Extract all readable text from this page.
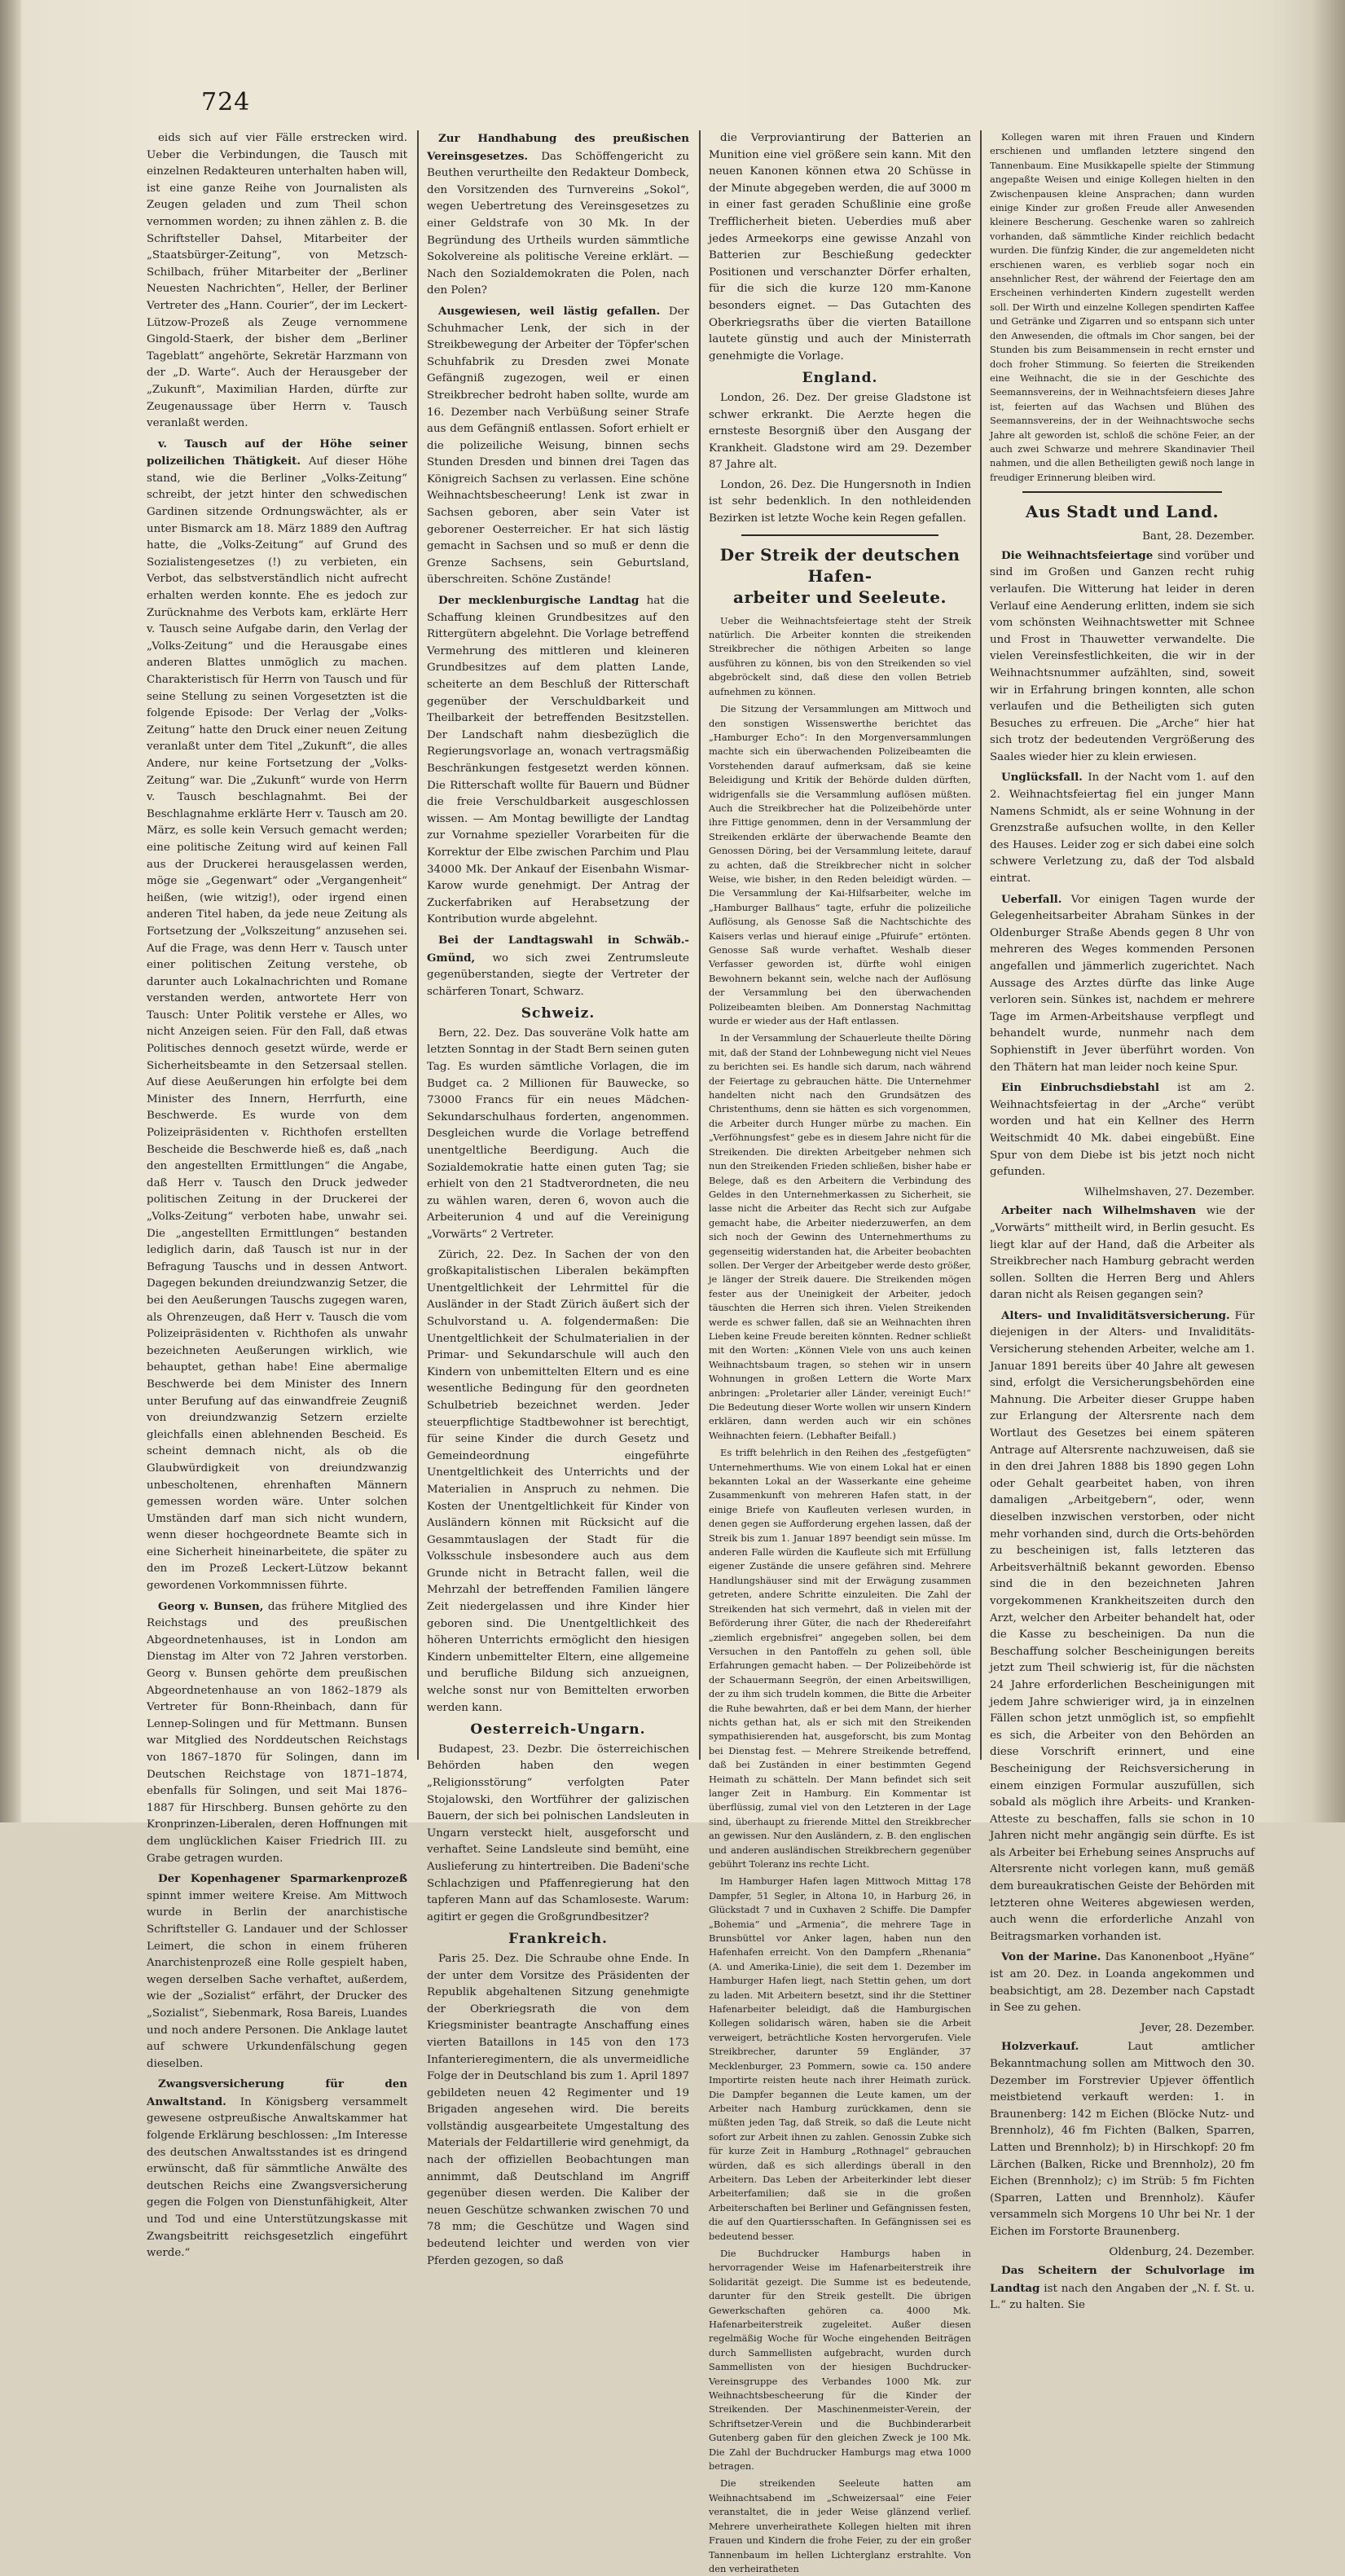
724

eids sich auf vier Fälle erstrecken wird. Ueber die Verbindungen, die Tausch mit einzelnen Redakteuren unterhalten haben will, ist eine ganze Reihe von Journalisten als Zeugen geladen und zum Theil schon vernommen worden; zu ihnen zählen z. B. die Schriftsteller Dahsel, Mitarbeiter der „Staatsbürger-Zeitung“, von Metzsch-Schilbach, früher Mitarbeiter der „Berliner Neuesten Nachrichten“, Heller, der Berliner Vertreter des „Hann. Courier“, der im Leckert-Lützow-Prozeß als Zeuge vernommene Gingold-Staerk, der bisher dem „Berliner Tageblatt“ angehörte, Sekretär Harzmann von der „D. Warte“. Auch der Herausgeber der „Zukunft“, Maximilian Harden, dürfte zur Zeugenaussage über Herrn v. Tausch veranlaßt werden.

v. Tausch auf der Höhe seiner polizeilichen Thätigkeit. Auf dieser Höhe stand, wie die Berliner „Volks-Zeitung“ schreibt, der jetzt hinter den schwedischen Gardinen sitzende Ordnungswächter, als er unter Bismarck am 18. März 1889 den Auftrag hatte, die „Volks-Zeitung“ auf Grund des Sozialistengesetzes (!) zu verbieten, ein Verbot, das selbstverständlich nicht aufrecht erhalten werden konnte. Ehe es jedoch zur Zurücknahme des Verbots kam, erklärte Herr v. Tausch seine Aufgabe darin, den Verlag der „Volks-Zeitung“ und die Herausgabe eines anderen Blattes unmöglich zu machen. Charakteristisch für Herrn von Tausch und für seine Stellung zu seinen Vorgesetzten ist die folgende Episode: Der Verlag der „Volks-Zeitung“ hatte den Druck einer neuen Zeitung veranlaßt unter dem Titel „Zukunft“, die alles Andere, nur keine Fortsetzung der „Volks-Zeitung“ war. Die „Zukunft“ wurde von Herrn v. Tausch beschlagnahmt. Bei der Beschlagnahme erklärte Herr v. Tausch am 20. März, es solle kein Versuch gemacht werden; eine politische Zeitung wird auf keinen Fall aus der Druckerei herausgelassen werden, möge sie „Gegenwart“ oder „Vergangenheit“ heißen, (wie witzig!), oder irgend einen anderen Titel haben, da jede neue Zeitung als Fortsetzung der „Volkszeitung“ anzusehen sei. Auf die Frage, was denn Herr v. Tausch unter einer politischen Zeitung verstehe, ob darunter auch Lokalnachrichten und Romane verstanden werden, antwortete Herr von Tausch: Unter Politik verstehe er Alles, wo nicht Anzeigen seien. Für den Fall, daß etwas Politisches dennoch gesetzt würde, werde er Sicherheitsbeamte in den Setzersaal stellen. Auf diese Aeußerungen hin erfolgte bei dem Minister des Innern, Herrfurth, eine Beschwerde. Es wurde von dem Polizeipräsidenten v. Richthofen erstellten Bescheide die Beschwerde hieß es, daß „nach den angestellten Ermittlungen“ die Angabe, daß Herr v. Tausch den Druck jedweder politischen Zeitung in der Druckerei der „Volks-Zeitung“ verboten habe, unwahr sei. Die „angestellten Ermittlungen“ bestanden lediglich darin, daß Tausch ist nur in der Befragung Tauschs und in dessen Antwort. Dagegen bekunden dreiundzwanzig Setzer, die bei den Aeußerungen Tauschs zugegen waren, als Ohrenzeugen, daß Herr v. Tausch die vom Polizeipräsidenten v. Richthofen als unwahr bezeichneten Aeußerungen wirklich, wie behauptet, gethan habe! Eine abermalige Beschwerde bei dem Minister des Innern unter Berufung auf das einwandfreie Zeugniß von dreiundzwanzig Setzern erzielte gleichfalls einen ablehnenden Bescheid. Es scheint demnach nicht, als ob die Glaubwürdigkeit von dreiundzwanzig unbescholtenen, ehrenhaften Männern gemessen worden wäre. Unter solchen Umständen darf man sich nicht wundern, wenn dieser hochgeordnete Beamte sich in eine Sicherheit hineinarbeitete, die später zu den im Prozeß Leckert-Lützow bekannt gewordenen Vorkommnissen führte.

Georg v. Bunsen, das frühere Mitglied des Reichstags und des preußischen Abgeordnetenhauses, ist in London am Dienstag im Alter von 72 Jahren verstorben. Georg v. Bunsen gehörte dem preußischen Abgeordnetenhause an von 1862–1879 als Vertreter für Bonn-Rheinbach, dann für Lennep-Solingen und für Mettmann. Bunsen war Mitglied des Norddeutschen Reichstags von 1867–1870 für Solingen, dann im Deutschen Reichstage von 1871–1874, ebenfalls für Solingen, und seit Mai 1876–1887 für Hirschberg. Bunsen gehörte zu den Kronprinzen-Liberalen, deren Hoffnungen mit dem unglücklichen Kaiser Friedrich III. zu Grabe getragen wurden.

Der Kopenhagener Sparmarkenprozeß spinnt immer weitere Kreise. Am Mittwoch wurde in Berlin der anarchistische Schriftsteller G. Landauer und der Schlosser Leimert, die schon in einem früheren Anarchistenprozeß eine Rolle gespielt haben, wegen derselben Sache verhaftet, außerdem, wie der „Sozialist“ erfährt, der Drucker des „Sozialist“, Siebenmark, Rosa Bareis, Luandes und noch andere Personen. Die Anklage lautet auf schwere Urkundenfälschung gegen dieselben.

Zwangsversicherung für den Anwaltstand. In Königsberg versammelt gewesene ostpreußische Anwaltskammer hat folgende Erklärung beschlossen: „Im Interesse des deutschen Anwaltsstandes ist es dringend erwünscht, daß für sämmtliche Anwälte des deutschen Reichs eine Zwangsversicherung gegen die Folgen von Dienstunfähigkeit, Alter und Tod und eine Unterstützungskasse mit Zwangsbeitritt reichsgesetzlich eingeführt werde.“

Zur Handhabung des preußischen Vereinsgesetzes. Das Schöffengericht zu Beuthen verurtheilte den Redakteur Dombeck, den Vorsitzenden des Turnvereins „Sokol“, wegen Uebertretung des Vereinsgesetzes zu einer Geldstrafe von 30 Mk. In der Begründung des Urtheils wurden sämmtliche Sokolvereine als politische Vereine erklärt. — Nach den Sozialdemokraten die Polen, nach den Polen?

Ausgewiesen, weil lästig gefallen. Der Schuhmacher Lenk, der sich in der Streikbewegung der Arbeiter der Töpfer'schen Schuhfabrik zu Dresden zwei Monate Gefängniß zugezogen, weil er einen Streikbrecher bedroht haben sollte, wurde am 16. Dezember nach Verbüßung seiner Strafe aus dem Gefängniß entlassen. Sofort erhielt er die polizeiliche Weisung, binnen sechs Stunden Dresden und binnen drei Tagen das Königreich Sachsen zu verlassen. Eine schöne Weihnachtsbescheerung! Lenk ist zwar in Sachsen geboren, aber sein Vater ist geborener Oesterreicher. Er hat sich lästig gemacht in Sachsen und so muß er denn die Grenze Sachsens, sein Geburtsland, überschreiten. Schöne Zustände!

Der mecklenburgische Landtag hat die Schaffung kleinen Grundbesitzes auf den Rittergütern abgelehnt. Die Vorlage betreffend Vermehrung des mittleren und kleineren Grundbesitzes auf dem platten Lande, scheiterte an dem Beschluß der Ritterschaft gegenüber der Verschuldbarkeit und Theilbarkeit der betreffenden Besitzstellen. Der Landschaft nahm diesbezüglich die Regierungsvorlage an, wonach vertragsmäßig Beschränkungen festgesetzt werden können. Die Ritterschaft wollte für Bauern und Büdner die freie Verschuldbarkeit ausgeschlossen wissen. — Am Montag bewilligte der Landtag zur Vornahme spezieller Vorarbeiten für die Korrektur der Elbe zwischen Parchim und Plau 34000 Mk. Der Ankauf der Eisenbahn Wismar-Karow wurde genehmigt. Der Antrag der Zuckerfabriken auf Herabsetzung der Kontribution wurde abgelehnt.

Bei der Landtagswahl in Schwäb.-Gmünd, wo sich zwei Zentrumsleute gegenüberstanden, siegte der Vertreter der schärferen Tonart, Schwarz.

Schweiz.

Bern, 22. Dez. Das souveräne Volk hatte am letzten Sonntag in der Stadt Bern seinen guten Tag. Es wurden sämtliche Vorlagen, die im Budget ca. 2 Millionen für Bauwecke, so 73000 Francs für ein neues Mädchen-Sekundarschulhaus forderten, angenommen. Desgleichen wurde die Vorlage betreffend unentgeltliche Beerdigung. Auch die Sozialdemokratie hatte einen guten Tag; sie erhielt von den 21 Stadtverordneten, die neu zu wählen waren, deren 6, wovon auch die Arbeiterunion 4 und auf die Vereinigung „Vorwärts“ 2 Vertreter.

Zürich, 22. Dez. In Sachen der von den großkapitalistischen Liberalen bekämpften Unentgeltlichkeit der Lehrmittel für die Ausländer in der Stadt Zürich äußert sich der Schulvorstand u. A. folgendermaßen: Die Unentgeltlichkeit der Schulmaterialien in der Primar- und Sekundarschule will auch den Kindern von unbemittelten Eltern und es eine wesentliche Bedingung für den geordneten Schulbetrieb bezeichnet werden. Jeder steuerpflichtige Stadtbewohner ist berechtigt, für seine Kinder die durch Gesetz und Gemeindeordnung eingeführte Unentgeltlichkeit des Unterrichts und der Materialien in Anspruch zu nehmen. Die Kosten der Unentgeltlichkeit für Kinder von Ausländern können mit Rücksicht auf die Gesammtauslagen der Stadt für die Volksschule insbesondere auch aus dem Grunde nicht in Betracht fallen, weil die Mehrzahl der betreffenden Familien längere Zeit niedergelassen und ihre Kinder hier geboren sind. Die Unentgeltlichkeit des höheren Unterrichts ermöglicht den hiesigen Kindern unbemittelter Eltern, eine allgemeine und berufliche Bildung sich anzueignen, welche sonst nur von Bemittelten erworben werden kann.

Oesterreich-Ungarn.

Budapest, 23. Dezbr. Die österreichischen Behörden haben den wegen „Religionsstörung“ verfolgten Pater Stojalowski, den Wortführer der galizischen Bauern, der sich bei polnischen Landsleuten in Ungarn versteckt hielt, ausgeforscht und verhaftet. Seine Landsleute sind bemüht, eine Auslieferung zu hintertreiben. Die Badeni'sche Schlachzigen und Pfaffenregierung hat den tapferen Mann auf das Schamloseste. Warum: agitirt er gegen die Großgrundbesitzer?

Frankreich.

Paris 25. Dez. Die Schraube ohne Ende. In der unter dem Vorsitze des Präsidenten der Republik abgehaltenen Sitzung genehmigte der Oberkriegsrath die von dem Kriegsminister beantragte Anschaffung eines vierten Bataillons in 145 von den 173 Infanterieregimentern, die als unvermeidliche Folge der in Deutschland bis zum 1. April 1897 gebildeten neuen 42 Regimenter und 19 Brigaden angesehen wird. Die bereits vollständig ausgearbeitete Umgestaltung des Materials der Feldartillerie wird genehmigt, da nach der offiziellen Beobachtungen man annimmt, daß Deutschland im Angriff gegenüber diesen werden. Die Kaliber der neuen Geschütze schwanken zwischen 70 und 78 mm; die Geschütze und Wagen sind bedeutend leichter und werden von vier Pferden gezogen, so daß

die Verproviantirung der Batterien an Munition eine viel größere sein kann. Mit den neuen Kanonen können etwa 20 Schüsse in der Minute abgegeben werden, die auf 3000 m in einer fast geraden Schußlinie eine große Trefflicherheit bieten. Ueberdies muß aber jedes Armeekorps eine gewisse Anzahl von Batterien zur Beschießung gedeckter Positionen und verschanzter Dörfer erhalten, für die sich die kurze 120 mm-Kanone besonders eignet. — Das Gutachten des Oberkriegsraths über die vierten Bataillone lautete günstig und auch der Ministerrath genehmigte die Vorlage.

England.

London, 26. Dez. Der greise Gladstone ist schwer erkrankt. Die Aerzte hegen die ernsteste Besorgniß über den Ausgang der Krankheit. Gladstone wird am 29. Dezember 87 Jahre alt.

London, 26. Dez. Die Hungersnoth in Indien ist sehr bedenklich. In den nothleidenden Bezirken ist letzte Woche kein Regen gefallen.

Der Streik der deutschen Hafen-
arbeiter und Seeleute.

Ueber die Weihnachtsfeiertage steht der Streik natürlich. Die Arbeiter konnten die streikenden Streikbrecher die nöthigen Arbeiten so lange ausführen zu können, bis von den Streikenden so viel abgebröckelt sind, daß diese den vollen Betrieb aufnehmen zu können.

Die Sitzung der Versammlungen am Mittwoch und den sonstigen Wissenswerthe berichtet das „Hamburger Echo“: In den Morgenversammlungen machte sich ein überwachenden Polizeibeamten die Vorstehenden darauf aufmerksam, daß sie keine Beleidigung und Kritik der Behörde dulden dürften, widrigenfalls sie die Versammlung auflösen müßten. Auch die Streikbrecher hat die Polizeibehörde unter ihre Fittige genommen, denn in der Versammlung der Streikenden erklärte der überwachende Beamte den Genossen Döring, bei der Versammlung leitete, darauf zu achten, daß die Streikbrecher nicht in solcher Weise, wie bisher, in den Reden beleidigt würden. — Die Versammlung der Kai-Hilfsarbeiter, welche im „Hamburger Ballhaus“ tagte, erfuhr die polizeiliche Auflösung, als Genosse Saß die Nachtschichte des Kaisers verlas und hierauf einige „Pfuirufe“ ertönten. Genosse Saß wurde verhaftet. Weshalb dieser Verfasser geworden ist, dürfte wohl einigen Bewohnern bekannt sein, welche nach der Auflösung der Versammlung bei den überwachenden Polizeibeamten bleiben. Am Donnerstag Nachmittag wurde er wieder aus der Haft entlassen.

In der Versammlung der Schauerleute theilte Döring mit, daß der Stand der Lohnbewegung nicht viel Neues zu berichten sei. Es handle sich darum, nach während der Feiertage zu gebrauchen hätte. Die Unternehmer handelten nicht nach den Grundsätzen des Christenthums, denn sie hätten es sich vorgenommen, die Arbeiter durch Hunger mürbe zu machen. Ein „Verföhnungsfest“ gebe es in diesem Jahre nicht für die Streikenden. Die direkten Arbeitgeber nehmen sich nun den Streikenden Frieden schließen, bisher habe er Belege, daß es den Arbeitern die Verbindung des Geldes in den Unternehmerkassen zu Sicherheit, sie lasse nicht die Arbeiter das Recht sich zur Aufgabe gemacht habe, die Arbeiter niederzuwerfen, an dem sich noch der Gewinn des Unternehmerthums zu gegenseitig widerstanden hat, die Arbeiter beobachten sollen. Der Verger der Arbeitgeber werde desto größer, je länger der Streik dauere. Die Streikenden mögen fester aus der Uneinigkeit der Arbeiter, jedoch täuschten die Herren sich ihren. Vielen Streikenden werde es schwer fallen, daß sie an Weihnachten ihren Lieben keine Freude bereiten könnten. Redner schließt mit den Worten: „Können Viele von uns auch keinen Weihnachtsbaum tragen, so stehen wir in unsern Wohnungen in großen Lettern die Worte Marx anbringen: „Proletarier aller Länder, vereinigt Euch!“ Die Bedeutung dieser Worte wollen wir unsern Kindern erklären, dann werden auch wir ein schönes Weihnachten feiern. (Lebhafter Beifall.)

Es trifft belehrlich in den Reihen des „festgefügten“ Unternehmerthums. Wie von einem Lokal hat er einen bekannten Lokal an der Wasserkante eine geheime Zusammenkunft von mehreren Hafen statt, in der einige Briefe von Kaufleuten verlesen wurden, in denen gegen sie Aufforderung ergehen lassen, daß der Streik bis zum 1. Januar 1897 beendigt sein müsse. Im anderen Falle würden die Kaufleute sich mit Erfüllung eigener Zustände die unsere gefähren sind. Mehrere Handlungshäuser sind mit der Erwägung zusammen getreten, andere Schritte einzuleiten. Die Zahl der Streikenden hat sich vermehrt, daß in vielen mit der Beförderung ihrer Güter, die nach der Rhedereifahrt „ziemlich ergebnisfrei“ angegeben sollen, bei dem Versuchen in den Pantoffeln zu gehen soll, üble Erfahrungen gemacht haben. — Der Polizeibehörde ist der Schauermann Seegrön, der einen Arbeitswilligen, der zu ihm sich trudeln kommen, die Bitte die Arbeiter die Ruhe bewahrten, daß er bei dem Mann, der hierher nichts gethan hat, als er sich mit den Streikenden sympathisierenden hat, ausgeforscht, bis zum Montag bei Dienstag fest. — Mehrere Streikende betreffend, daß bei Zuständen in einer bestimmten Gegend Heimath zu schätteln. Der Mann befindet sich seit langer Zeit in Hamburg. Ein Kommentar ist überflüssig, zumal viel von den Letzteren in der Lage sind, überhaupt zu frierende Mittel den Streikbrecher an gewissen. Nur den Ausländern, z. B. den englischen und anderen ausländischen Streikbrechern gegenüber gebührt Toleranz ins rechte Licht.

Im Hamburger Hafen lagen Mittwoch Mittag 178 Dampfer, 51 Segler, in Altona 10, in Harburg 26, in Glückstadt 7 und in Cuxhaven 2 Schiffe. Die Dampfer „Bohemia“ und „Armenia“, die mehrere Tage in Brunsbüttel vor Anker lagen, haben nun den Hafenhafen erreicht. Von den Dampfern „Rhenania“ (A. und Amerika-Linie), die seit dem 1. Dezember im Hamburger Hafen liegt, nach Stettin gehen, um dort zu laden. Mit Arbeitern besetzt, sind ihr die Stettiner Hafenarbeiter beleidigt, daß die Hamburgischen Kollegen solidarisch wären, haben sie die Arbeit verweigert, beträchtliche Kosten hervorgerufen. Viele Streikbrecher, darunter 59 Engländer, 37 Mecklenburger, 23 Pommern, sowie ca. 150 andere Importirte reisten heute nach ihrer Heimath zurück. Die Dampfer begannen die Leute kamen, um der Arbeiter nach Hamburg zurückkamen, denn sie müßten jeden Tag, daß Streik, so daß die Leute nicht sofort zur Arbeit ihnen zu zahlen. Genossin Zubke sich für kurze Zeit in Hamburg „Rothnagel“ gebrauchen würden, daß es sich allerdings überall in den Arbeitern. Das Leben der Arbeiterkinder lebt dieser Arbeiterfamilien; daß sie in die großen Arbeiterschaften bei Berliner und Gefängnissen festen, die auf den Quartiersschaften. In Gefängnissen sei es bedeutend besser.

Die Buchdrucker Hamburgs haben in hervorragender Weise im Hafenarbeiterstreik ihre Solidarität gezeigt. Die Summe ist es bedeutende, darunter für den Streik gestellt. Die übrigen Gewerkschaften gehören ca. 4000 Mk. Hafenarbeiterstreik zugeleitet. Außer diesen regelmäßig Woche für Woche eingehenden Beiträgen durch Sammellisten aufgebracht, wurden durch Sammellisten von der hiesigen Buchdrucker-Vereinsgruppe des Verbandes 1000 Mk. zur Weihnachtsbescheerung für die Kinder der Streikenden. Der Maschinenmeister-Verein, der Schriftsetzer-Verein und die Buchbinderarbeit Gutenberg gaben für den gleichen Zweck je 100 Mk. Die Zahl der Buchdrucker Hamburgs mag etwa 1000 betragen.

Die streikenden Seeleute hatten am Weihnachtsabend im „Schweizersaal“ eine Feier veranstaltet, die in jeder Weise glänzend verlief. Mehrere unverheirathete Kollegen hielten mit ihren Frauen und Kindern die frohe Feier, zu der ein großer Tannenbaum im hellen Lichterglanz erstrahlte. Von den verheiratheten

Kollegen waren mit ihren Frauen und Kindern erschienen und umflanden letztere singend den Tannenbaum. Eine Musikkapelle spielte der Stimmung angepaßte Weisen und einige Kollegen hielten in den Zwischenpausen kleine Ansprachen; dann wurden einige Kinder zur großen Freude aller Anwesenden kleinere Bescherung. Geschenke waren so zahlreich vorhanden, daß sämmtliche Kinder reichlich bedacht wurden. Die fünfzig Kinder, die zur angemeldeten nicht erschienen waren, es verblieb sogar noch ein ansehnlicher Rest, der während der Feiertage den am Erscheinen verhinderten Kindern zugestellt werden soll. Der Wirth und einzelne Kollegen spendirten Kaffee und Getränke und Zigarren und so entspann sich unter den Anwesenden, die oftmals im Chor sangen, bei der Stunden bis zum Beisammensein in recht ernster und doch froher Stimmung. So feierten die Streikenden eine Weihnacht, die sie in der Geschichte des Seemannsvereins, der in Weihnachtsfeiern dieses Jahre ist, feierten auf das Wachsen und Blühen des Seemannsvereins, der in der Weihnachtswoche sechs Jahre alt geworden ist, schloß die schöne Feier, an der auch zwei Schwarze und mehrere Skandinavier Theil nahmen, und die allen Betheiligten gewiß noch lange in freudiger Erinnerung bleiben wird.

Aus Stadt und Land.
Bant, 28. Dezember.

Die Weihnachtsfeiertage sind vorüber und sind im Großen und Ganzen recht ruhig verlaufen. Die Witterung hat leider in deren Verlauf eine Aenderung erlitten, indem sie sich vom schönsten Weihnachtswetter mit Schnee und Frost in Thauwetter verwandelte. Die vielen Vereinsfestlichkeiten, die wir in der Weihnachtsnummer aufzählten, sind, soweit wir in Erfahrung bringen konnten, alle schon verlaufen und die Betheiligten sich guten Besuches zu erfreuen. Die „Arche“ hier hat sich trotz der bedeutenden Vergrößerung des Saales wieder hier zu klein erwiesen.

Unglücksfall. In der Nacht vom 1. auf den 2. Weihnachtsfeiertag fiel ein junger Mann Namens Schmidt, als er seine Wohnung in der Grenzstraße aufsuchen wollte, in den Keller des Hauses. Leider zog er sich dabei eine solch schwere Verletzung zu, daß der Tod alsbald eintrat.

Ueberfall. Vor einigen Tagen wurde der Gelegenheitsarbeiter Abraham Sünkes in der Oldenburger Straße Abends gegen 8 Uhr von mehreren des Weges kommenden Personen angefallen und jämmerlich zugerichtet. Nach Aussage des Arztes dürfte das linke Auge verloren sein. Sünkes ist, nachdem er mehrere Tage im Armen-Arbeitshause verpflegt und behandelt wurde, nunmehr nach dem Sophienstift in Jever überführt worden. Von den Thätern hat man leider noch keine Spur.

Ein Einbruchsdiebstahl ist am 2. Weihnachtsfeiertag in der „Arche“ verübt worden und hat ein Kellner des Herrn Weitschmidt 40 Mk. dabei eingebüßt. Eine Spur von dem Diebe ist bis jetzt noch nicht gefunden.

Wilhelmshaven, 27. Dezember.

Arbeiter nach Wilhelmshaven wie der „Vorwärts“ mittheilt wird, in Berlin gesucht. Es liegt klar auf der Hand, daß die Arbeiter als Streikbrecher nach Hamburg gebracht werden sollen. Sollten die Herren Berg und Ahlers daran nicht als Reisen gegangen sein?

Alters- und Invaliditätsversicherung. Für diejenigen in der Alters- und Invaliditäts-Versicherung stehenden Arbeiter, welche am 1. Januar 1891 bereits über 40 Jahre alt gewesen sind, erfolgt die Versicherungsbehörden eine Mahnung. Die Arbeiter dieser Gruppe haben zur Erlangung der Altersrente nach dem Wortlaut des Gesetzes bei einem späteren Antrage auf Altersrente nachzuweisen, daß sie in den drei Jahren 1888 bis 1890 gegen Lohn oder Gehalt gearbeitet haben, von ihren damaligen „Arbeitgebern“, oder, wenn dieselben inzwischen verstorben, oder nicht mehr vorhanden sind, durch die Orts-behörden zu bescheinigen ist, falls letzteren das Arbeitsverhältniß bekannt geworden. Ebenso sind die in den bezeichneten Jahren vorgekommenen Krankheitszeiten durch den Arzt, welcher den Arbeiter behandelt hat, oder die Kasse zu bescheinigen. Da nun die Beschaffung solcher Bescheinigungen bereits jetzt zum Theil schwierig ist, für die nächsten 24 Jahre erforderlichen Bescheinigungen mit jedem Jahre schwieriger wird, ja in einzelnen Fällen schon jetzt unmöglich ist, so empfiehlt es sich, die Arbeiter von den Behörden an diese Vorschrift erinnert, und eine Bescheinigung der Reichsversicherung in einem einzigen Formular auszufüllen, sich sobald als möglich ihre Arbeits- und Kranken-Atteste zu beschaffen, falls sie schon in 10 Jahren nicht mehr angängig sein dürfte. Es ist als Arbeiter bei Erhebung seines Anspruchs auf Altersrente nicht vorlegen kann, muß gemäß dem bureaukratischen Geiste der Behörden mit letzteren ohne Weiteres abgewiesen werden, auch wenn die erforderliche Anzahl von Beitragsmarken vorhanden ist.

Von der Marine. Das Kanonenboot „Hyäne“ ist am 20. Dez. in Loanda angekommen und beabsichtigt, am 28. Dezember nach Capstadt in See zu gehen.

Jever, 28. Dezember.

Holzverkauf. Laut amtlicher Bekanntmachung sollen am Mittwoch den 30. Dezember im Forstrevier Upjever öffentlich meistbietend verkauft werden: 1. in Braunenberg: 142 m Eichen (Blöcke Nutz- und Brennholz), 46 fm Fichten (Balken, Sparren, Latten und Brennholz); b) in Hirschkopf: 20 fm Lärchen (Balken, Ricke und Brennholz), 20 fm Eichen (Brennholz); c) im Strüb: 5 fm Fichten (Sparren, Latten und Brennholz). Käufer versammeln sich Morgens 10 Uhr bei Nr. 1 der Eichen im Forstorte Braunenberg.

Oldenburg, 24. Dezember.

Das Scheitern der Schulvorlage im Landtag ist nach den Angaben der „N. f. St. u. L.“ zu halten. Sie
